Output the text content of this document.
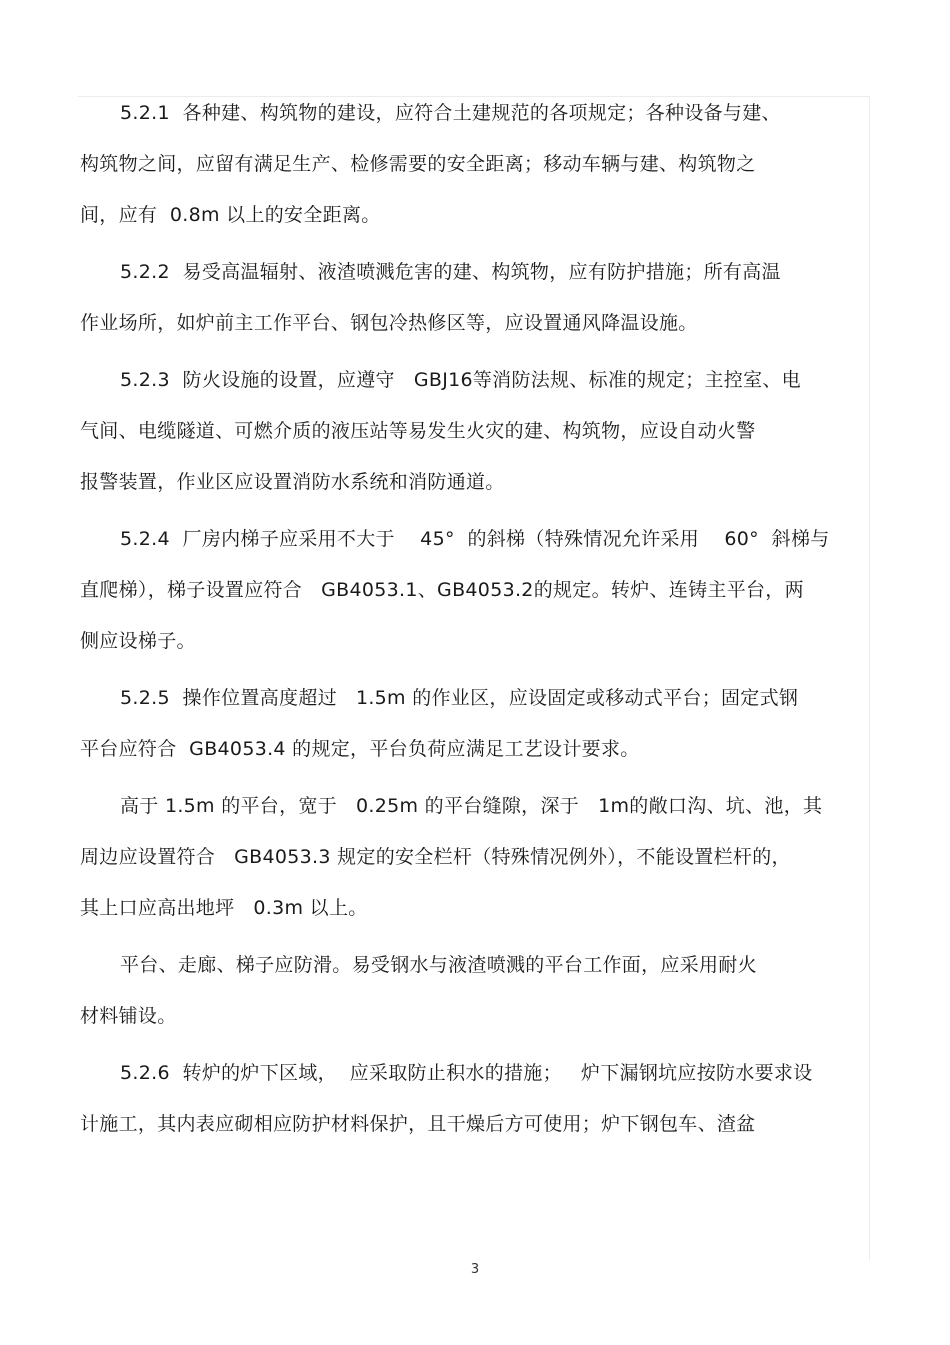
5.2.1  各种建、构筑物的建设，应符合土建规范的各项规定；各种设备与建、
构筑物之间，应留有满足生产、检修需要的安全距离；移动车辆与建、构筑物之
间，应有  0.8m 以上的安全距离。
5.2.2  易受高温辐射、液渣喷溅危害的建、构筑物，应有防护措施；所有高温
作业场所，如炉前主工作平台、钢包冷热修区等，应设置通风降温设施。
5.2.3  防火设施的设置，应遵守   GBJ16等消防法规、标准的规定；主控室、电
气间、电缆隧道、可燃介质的液压站等易发生火灾的建、构筑物，应设自动火警
报警装置，作业区应设置消防水系统和消防通道。
5.2.4  厂房内梯子应采用不大于    45°  的斜梯（特殊情况允许采用    60°  斜梯与
直爬梯），梯子设置应符合   GB4053.1、GB4053.2的规定。转炉、连铸主平台，两
侧应设梯子。
5.2.5  操作位置高度超过   1.5m 的作业区，应设固定或移动式平台；固定式钢
平台应符合  GB4053.4 的规定，平台负荷应满足工艺设计要求。
高于 1.5m 的平台，宽于   0.25m 的平台缝隙，深于   1m的敞口沟、坑、池，其
周边应设置符合   GB4053.3 规定的安全栏杆（特殊情况例外），不能设置栏杆的，
其上口应高出地坪   0.3m 以上。
平台、走廊、梯子应防滑。易受钢水与液渣喷溅的平台工作面，应采用耐火
材料铺设。
5.2.6  转炉的炉下区域，  应采取防止积水的措施；   炉下漏钢坑应按防水要求设
计施工，其内表应砌相应防护材料保护，且干燥后方可使用；炉下钢包车、渣盆
3
